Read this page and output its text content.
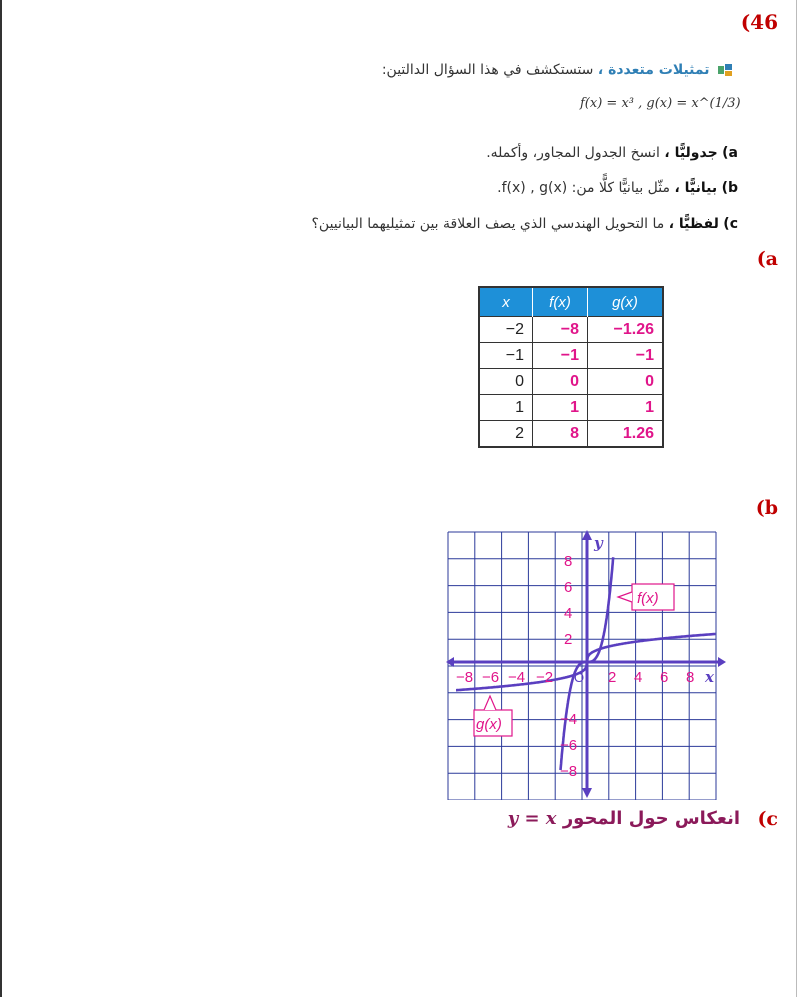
(46
تمثيلات متعددة ، ستستكشف في هذا السؤال الدالتين:
f(x) = x³ , g(x) = x^(1/3)
a) جدوليًّا ، انسخ الجدول المجاور، وأكمله.
b) بيانيًّا ، مثّل بيانيًّا كلًّا من: f(x) , g(x).
c) لفظيًّا ، ما التحويل الهندسي الذي يصف العلاقة بين تمثيليهما البيانيين؟
(a
(b
(c
x	f(x)	g(x)
−2	−8	−1.26
−1	−1	−1
0	0	0
1	1	1
2	8	1.26
8
6
4
2
−4
−6
−8
−8 −6 −4 −2	2 4 6 8
O	x
y
f(x)
g(x)
انعكاس حول المحور y = x
